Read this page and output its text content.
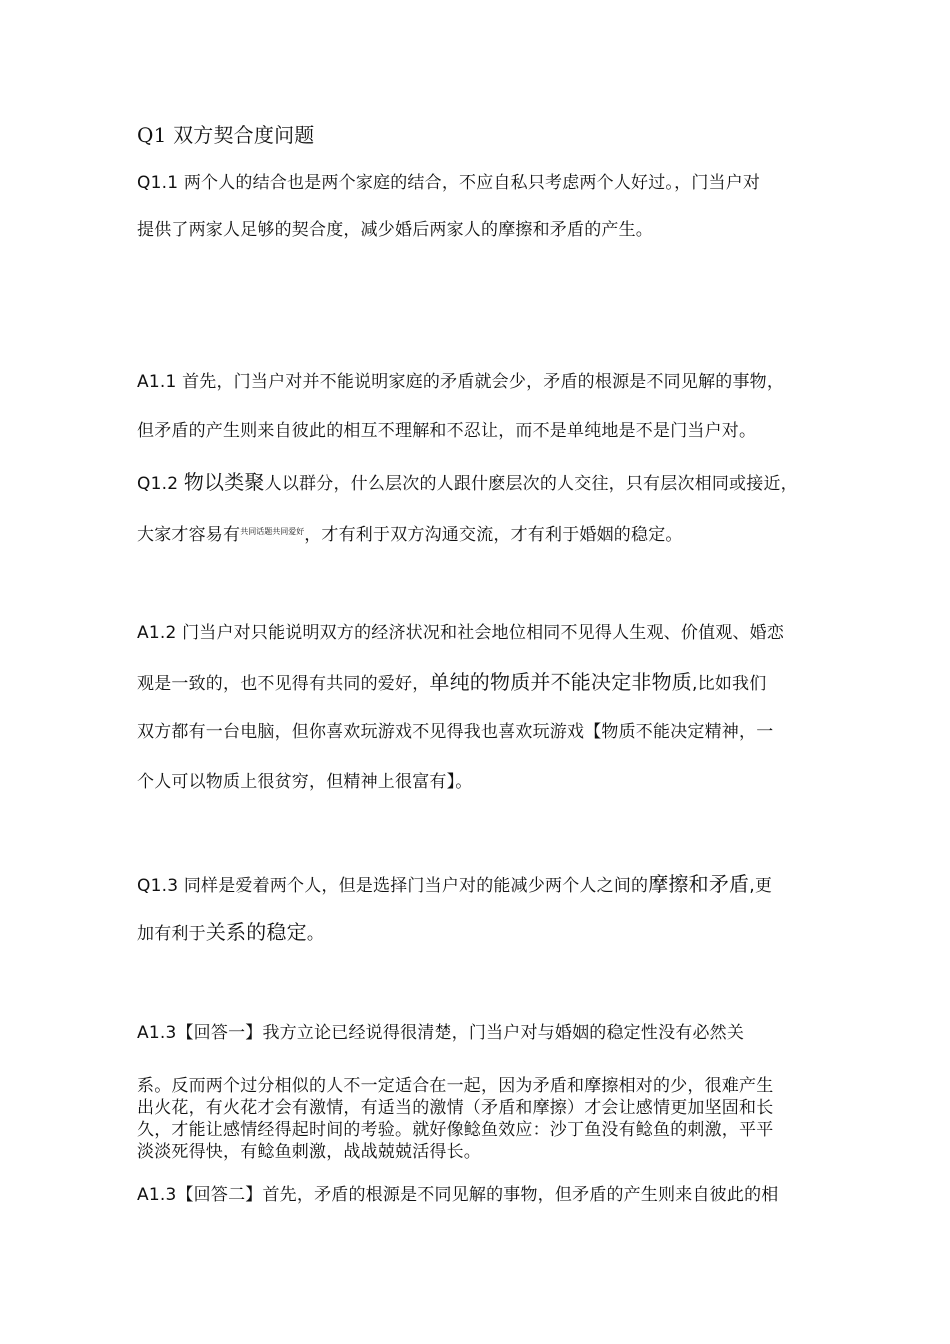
Q1 双方契合度问题
Q1.1 两个人的结合也是两个家庭的结合，不应自私只考虑两个人好过。，门当户对
提供了两家人足够的契合度，减少婚后两家人的摩擦和矛盾的产生。
A1.1 首先，门当户对并不能说明家庭的矛盾就会少，矛盾的根源是不同见解的事物，
但矛盾的产生则来自彼此的相互不理解和不忍让，而不是单纯地是不是门当户对。
Q1.2 物以类聚人以群分，什么层次的人跟什麽层次的人交往，只有层次相同或接近，
大家才容易有$^{共同话题共同爱好}$，才有利于双方沟通交流，才有利于婚姻的稳定。
A1.2 门当户对只能说明双方的经济状况和社会地位相同不见得人生观、价值观、婚恋
观是一致的，也不见得有共同的爱好，单纯的物质并不能决定非物质,比如我们
双方都有一台电脑，但你喜欢玩游戏不见得我也喜欢玩游戏【物质不能决定精神，一
个人可以物质上很贫穷，但精神上很富有】。
Q1.3 同样是爱着两个人，但是选择门当户对的能减少两个人之间的摩擦和矛盾,更
加有利于关系的稳定。
A1.3【回答一】我方立论已经说得很清楚，门当户对与婚姻的稳定性没有必然关
系。反而两个过分相似的人不一定适合在一起，因为矛盾和摩擦相对的少，很难产生
出火花，有火花才会有激情，有适当的激情（矛盾和摩擦）才会让感情更加坚固和长
久，才能让感情经得起时间的考验。就好像鲶鱼效应：沙丁鱼没有鲶鱼的刺激，平平
淡淡死得快，有鲶鱼刺激，战战兢兢活得长。
A1.3【回答二】首先，矛盾的根源是不同见解的事物，但矛盾的产生则来自彼此的相
